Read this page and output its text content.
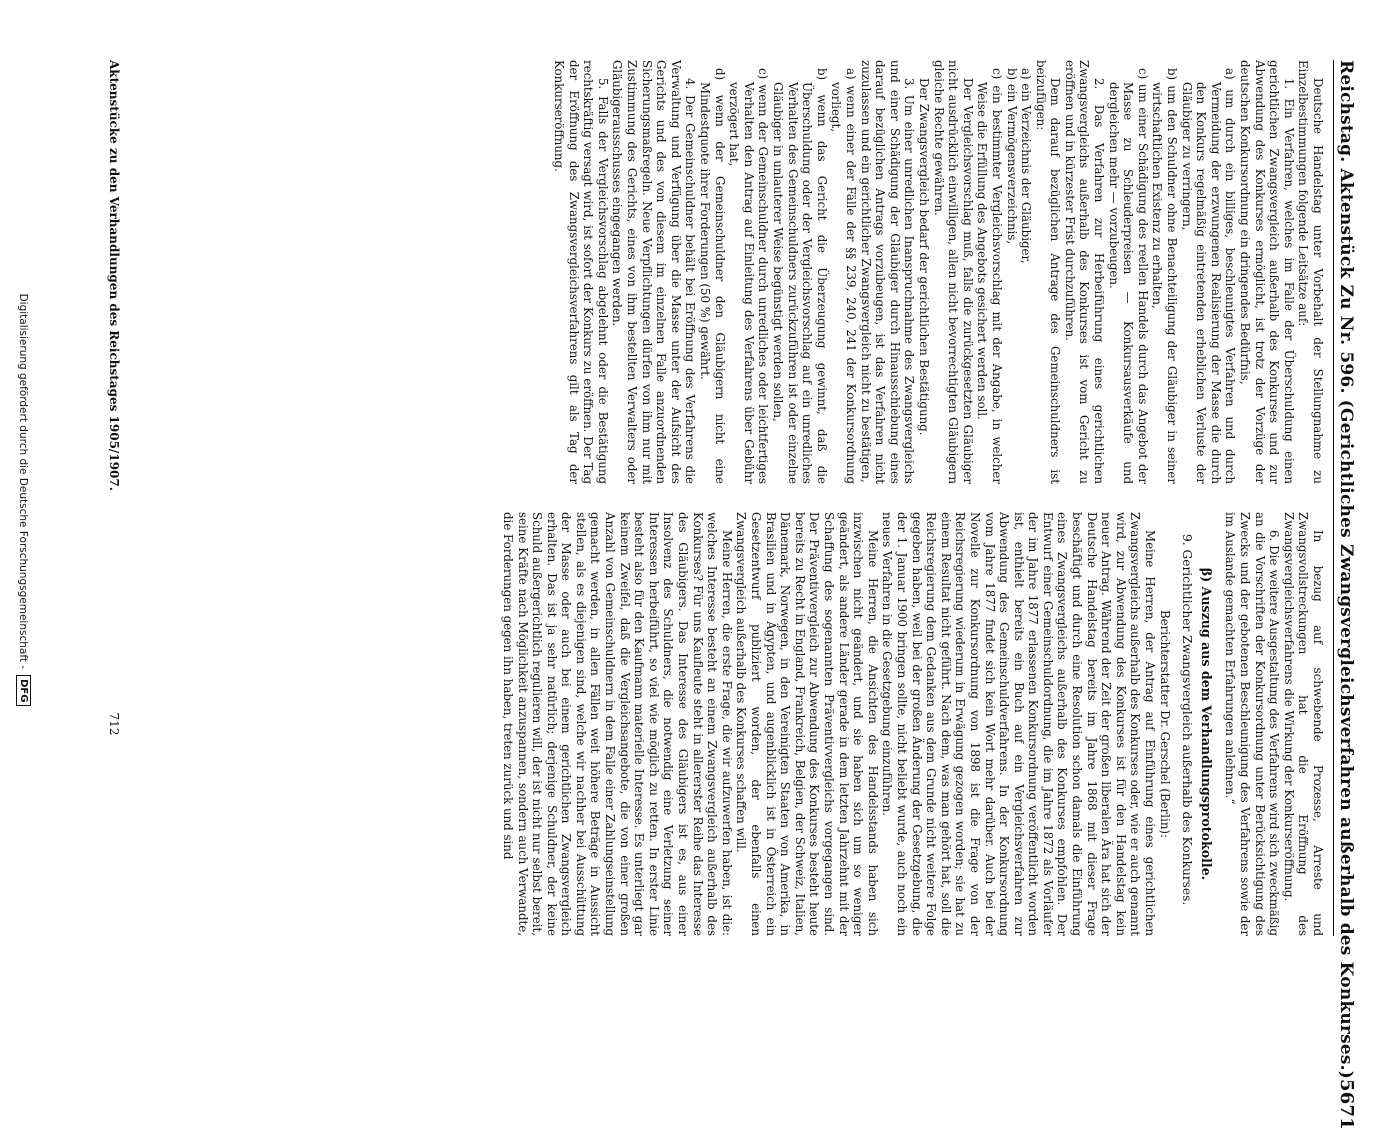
Reichstag. Aktenstück Zu Nr. 596. (Gerichtliches Zwangsvergleichsverfahren außerhalb des Konkurses.)
5671

Deutsche Handelstag unter Vorbehalt der Stellungnahme zu Einzelbestimmungen folgende Leitsätze auf:

1. Ein Verfahren, welches im Falle der Überschuldung einen gerichtlichen Zwangsvergleich außerhalb des Konkurses und zur Abwendung des Konkurses ermöglicht, ist trotz der Vorzüge der deutschen Konkursordnung ein dringendes Bedürfnis,

a) um durch ein billiges, beschleunigtes Verfahren und durch Vermeidung der erzwungenen Realisierung der Masse die durch den Konkurs regelmäßig eintretenden erheblichen Verluste der Gläubiger zu verringern,

b) um den Schuldner ohne Benachteiligung der Gläubiger in seiner wirtschaftlichen Existenz zu erhalten,

c) um einer Schädigung des reellen Handels durch das Angebot der Masse zu Schleuderpreisen — Konkursausverkäufe und dergleichen mehr — vorzubeugen.

2. Das Verfahren zur Herbeiführung eines gerichtlichen Zwangsvergleichs außerhalb des Konkurses ist vom Gericht zu eröffnen und in kürzester Frist durchzuführen.

Dem darauf bezüglichen Antrage des Gemeinschuldners ist beizufügen:

a) ein Verzeichnis der Gläubiger,

b) ein Vermögensverzeichnis,

c) ein bestimmter Vergleichsvorschlag mit der Angabe, in welcher Weise die Erfüllung des Angebots gesichert werden soll.

Der Vergleichsvorschlag muß, falls die zurückgesetzten Gläubiger nicht ausdrücklich einwilligen, allen nicht bevorrechtigten Gläubigern gleiche Rechte gewähren.

Der Zwangsvergleich bedarf der gerichtlichen Bestätigung.

3. Um einer unredlichen Inanspruchnahme des Zwangsvergleichs und einer Schädigung der Gläubiger durch Hinausschiebung eines darauf bezüglichen Antrags vorzubeugen, ist das Verfahren nicht zuzulassen und ein gerichtlicher Zwangsvergleich nicht zu bestätigen,

a) wenn einer der Fälle der §§ 239, 240, 241 der Konkursordnung vorliegt,

b) wenn das Gericht die Überzeugung gewinnt, daß die Überschuldung oder der Vergleichsvorschlag auf ein unredliches Verhalten des Gemeinschuldners zurückzuführen ist oder einzelne Gläubiger in unlauterer Weise begünstigt werden sollen,

c) wenn der Gemeinschuldner durch unredliches oder leichtfertiges Verhalten den Antrag auf Einleitung des Verfahrens über Gebühr verzögert hat,

d) wenn der Gemeinschuldner den Gläubigern nicht eine Mindestquote ihrer Forderungen (50 %) gewährt.

4. Der Gemeinschuldner behält bei Eröffnung des Verfahrens die Verwaltung und Verfügung über die Masse unter der Aufsicht des Gerichts und des von diesem im einzelnen Falle anzuordnenden Sicherungsmaßregeln. Neue Verpflichtungen dürfen von ihm nur mit Zustimmung des Gerichts, eines von ihm bestellten Verwalters oder Gläubigerausschusses eingegangen werden.

5. Falls der Vergleichsvorschlag abgelehnt oder die Bestätigung rechtskräftig versagt wird, ist sofort der Konkurs zu eröffnen. Der Tag der Eröffnung des Zwangsvergleichsverfahrens gilt als Tag der Konkurseröffnung.

In bezug auf schwebende Prozesse, Arreste und Zwangsvollstreckungen hat die Eröffnung des Zwangsvergleichsverfahrens die Wirkung der Konkurseröffnung.

6. Die weitere Ausgestaltung des Verfahrens wird sich zweckmäßig an die Vorschriften der Konkursordnung unter Berücksichtigung des Zwecks und der gebotenen Beschleunigung des Verfahrens sowie der im Auslande gemachten Erfahrungen anlehnen.“

β) Auszug aus dem Verhandlungsprotokolle.
9. Gerichtlicher Zwangsvergleich außerhalb des Konkurses.
Berichterstatter Dr. Gerschel (Berlin):

Meine Herren, der Antrag auf Einführung eines gerichtlichen Zwangsvergleichs außerhalb des Konkurses oder, wie er auch genannt wird, zur Abwendung des Konkurses ist für den Handelstag kein neuer Antrag. Während der Zeit der großen liberalen Ära hat sich der Deutsche Handelstag bereits im Jahre 1868 mit dieser Frage beschäftigt und durch eine Resolution schon damals die Einführung eines Zwangsvergleichs außerhalb des Konkurses empfohlen. Der Entwurf einer Gemeinschuldordnung, die im Jahre 1872 als Vorläufer der im Jahre 1877 erlassenen Konkursordnung veröffentlicht worden ist, enthielt bereits ein Buch auf ein Vergleichsverfahren zur Abwendung des Gemeinschuldverfahrens. In der Konkursordnung vom Jahre 1877 findet sich kein Wort mehr darüber. Auch bei der Novelle zur Konkursordnung von 1898 ist die Frage von der Reichsregierung wiederum in Erwägung gezogen worden; sie hat zu einem Resultat nicht geführt. Nach dem, was man gehört hat, soll die Reichsregierung dem Gedanken aus dem Grunde nicht weitere Folge gegeben haben, weil bei der großen Änderung der Gesetzgebung, die der 1. Januar 1900 bringen sollte, nicht beliebt wurde, auch noch ein neues Verfahren in die Gesetzgebung einzuführen.

Meine Herren, die Ansichten des Handelsstands haben sich inzwischen nicht geändert, und sie haben sich um so weniger geändert, als andere Länder gerade in dem letzten Jahrzehnt mit der Schaffung des sogenannten Präventivvergleichs vorgegangen sind. Der Präventivvergleich zur Abwendung des Konkurses besteht heute bereits zu Recht in England, Frankreich, Belgien, der Schweiz, Italien, Dänemark, Norwegen, in den Vereinigten Staaten von Amerika, in Brasilien und in Ägypten, und augenblicklich ist in Österreich ein Gesetzentwurf publiziert worden, der ebenfalls einen Zwangsvergleich außerhalb des Konkurses schaffen will.

Meine Herren, die erste Frage, die wir aufzuwerfen haben, ist die: welches Interesse besteht an einem Zwangsvergleich außerhalb des Konkurses? Für uns Kaufleute steht in allererster Reihe das Interesse des Gläubigers. Das Interesse des Gläubigers ist es, aus einer Insolvenz des Schuldners, die notwendig eine Verletzung seiner Interessen herbeiführt, so viel wie möglich zu retten. In erster Linie besteht also für den Kaufmann materielle Interesse. Es unterliegt gar keinem Zweifel, daß die Vergleichsangebote, die von einer großen Anzahl von Gemeinschuldnern in dem Falle einer Zahlungseinstellung gemacht werden, in allen Fällen weit höhere Beträge in Aussicht stellen, als es diejenigen sind, welche wir nachher bei Ausschüttung der Masse oder auch bei einem gerichtlichen Zwangsvergleich erhalten. Das ist ja sehr natürlich; derjenige Schuldner, der keine Schuld außergerichtlich regulieren will, der ist nicht nur selbst bereit, seine Kräfte nach Möglichkeit anzuspannen, sondern auch Verwandte, die Forderungen gegen ihn haben, treten zurück und sind

Aktenstücke zu den Verhandlungen des Reichstages 1905/1907.
712
Digitalisierung gefördert durch die Deutsche Forschungsgemeinschaft -
DFG
